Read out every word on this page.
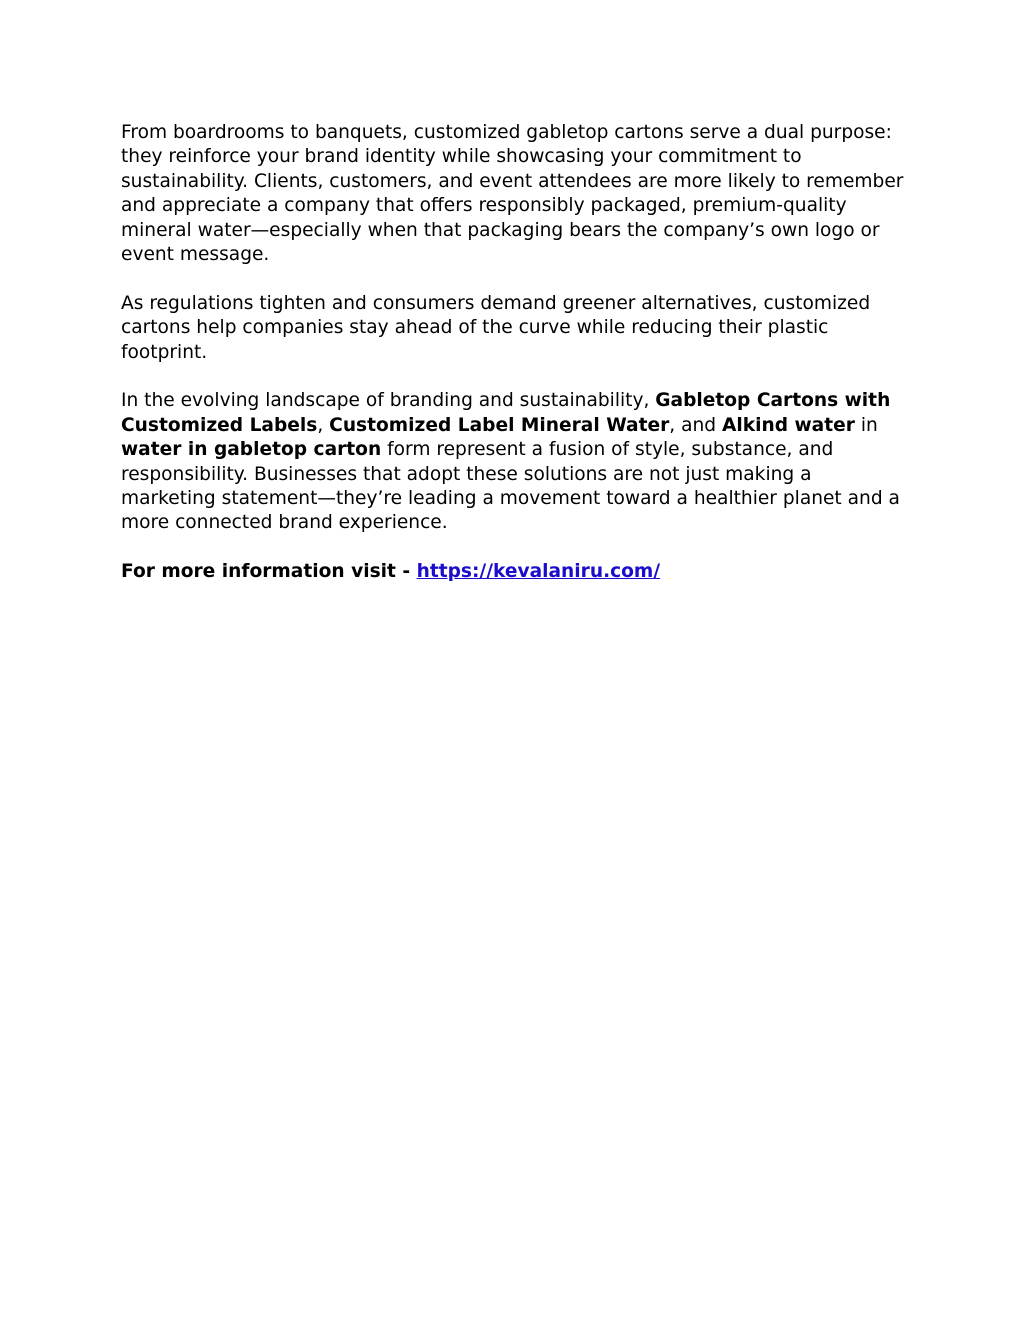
From boardrooms to banquets, customized gabletop cartons serve a dual purpose: they reinforce your brand identity while showcasing your commitment to sustainability. Clients, customers, and event attendees are more likely to remember and appreciate a company that offers responsibly packaged, premium-quality mineral water—especially when that packaging bears the company’s own logo or event message.

As regulations tighten and consumers demand greener alternatives, customized cartons help companies stay ahead of the curve while reducing their plastic footprint.

In the evolving landscape of branding and sustainability, Gabletop Cartons with Customized Labels, Customized Label Mineral Water, and Alkind water in water in gabletop carton form represent a fusion of style, substance, and responsibility. Businesses that adopt these solutions are not just making a marketing statement—they’re leading a movement toward a healthier planet and a more connected brand experience.

For more information visit - https://kevalaniru.com/
